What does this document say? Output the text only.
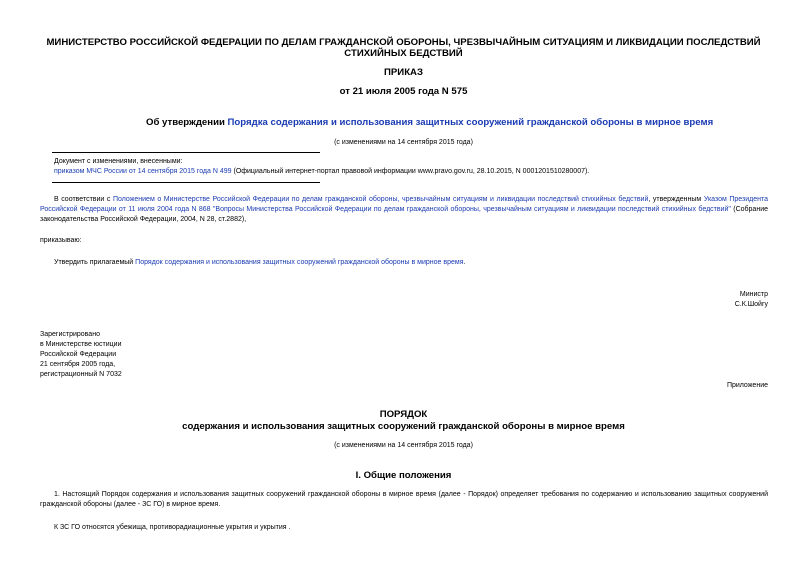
МИНИСТЕРСТВО РОССИЙСКОЙ ФЕДЕРАЦИИ ПО ДЕЛАМ ГРАЖДАНСКОЙ ОБОРОНЫ, ЧРЕЗВЫЧАЙНЫМ СИТУАЦИЯМ И ЛИКВИДАЦИИ ПОСЛЕДСТВИЙ СТИХИЙНЫХ БЕДСТВИЙ
ПРИКАЗ
от 21 июля 2005 года N 575
Об утверждении Порядка содержания и использования защитных сооружений гражданской обороны в мирное время
(с изменениями на 14 сентября 2015 года)
Документ с изменениями, внесенными:
приказом МЧС России от 14 сентября 2015 года N 499 (Официальный интернет-портал правовой информации www.pravo.gov.ru, 28.10.2015, N 0001201510280007).
В соответствии с Положением о Министерстве Российской Федерации по делам гражданской обороны, чрезвычайным ситуациям и ликвидации последствий стихийных бедствий, утвержденным Указом Президента Российской Федерации от 11 июля 2004 года N 868 "Вопросы Министерства Российской Федерации по делам гражданской обороны, чрезвычайным ситуациям и ликвидации последствий стихийных бедствий" (Собрание законодательства Российской Федерации, 2004, N 28, ст.2882),
приказываю:
Утвердить прилагаемый Порядок содержания и использования защитных сооружений гражданской обороны в мирное время.
Министр
С.К.Шойгу
Зарегистрировано
в Министерстве юстиции
Российской Федерации
21 сентября 2005 года,
регистрационный N 7032
Приложение
ПОРЯДОК
содержания и использования защитных сооружений гражданской обороны в мирное время
(с изменениями на 14 сентября 2015 года)
I. Общие положения
1. Настоящий Порядок содержания и использования защитных сооружений гражданской обороны в мирное время (далее - Порядок) определяет требования по содержанию и использованию защитных сооружений гражданской обороны (далее - ЗС ГО) в мирное время.
К ЗС ГО относятся убежища, противорадиационные укрытия и укрытия .
